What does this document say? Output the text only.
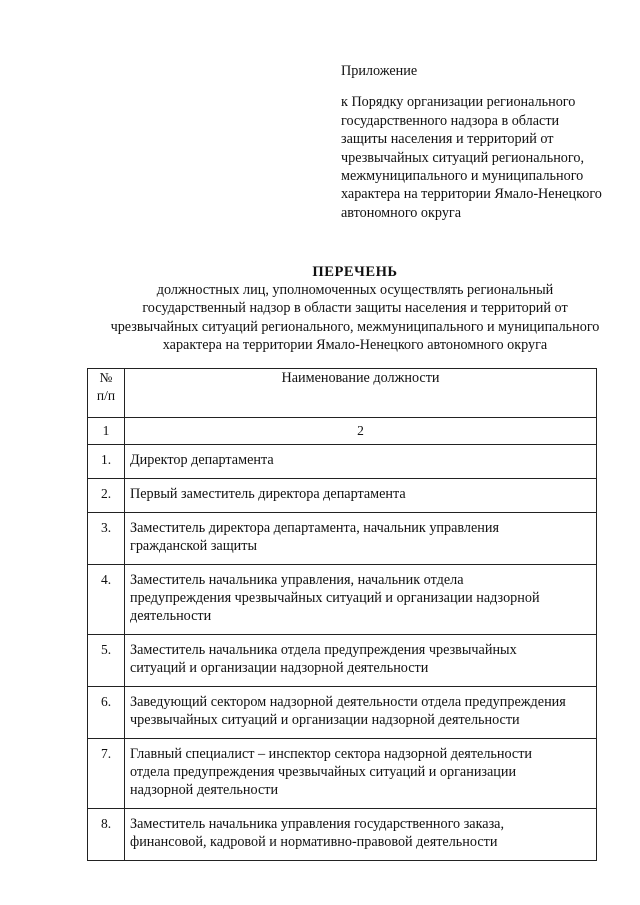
Приложение
к Порядку организации регионального
государственного надзора в области
защиты населения и территорий от
чрезвычайных ситуаций регионального,
межмуниципального и муниципального
характера на территории Ямало-Ненецкого
автономного округа
ПЕРЕЧЕНЬ
должностных лиц, уполномоченных осуществлять региональный
государственный надзор в области защиты населения и территорий от
чрезвычайных ситуаций регионального, межмуниципального и муниципального
характера на территории Ямало-Ненецкого автономного округа
№
п/п	Наименование должности
1	2
1.	Директор департамента

2.	Первый заместитель директора департамента

3.	Заместитель директора департамента, начальник управления
гражданской защиты

4.	Заместитель начальника управления, начальник отдела
предупреждения чрезвычайных ситуаций и организации надзорной
деятельности

5.	Заместитель начальника отдела предупреждения чрезвычайных
ситуаций и организации надзорной деятельности

6.	Заведующий сектором надзорной деятельности отдела предупреждения
чрезвычайных ситуаций и организации надзорной деятельности

7.	Главный специалист – инспектор сектора надзорной деятельности
отдела предупреждения чрезвычайных ситуаций и организации
надзорной деятельности

8.	Заместитель начальника управления государственного заказа,
финансовой, кадровой и нормативно-правовой деятельности
